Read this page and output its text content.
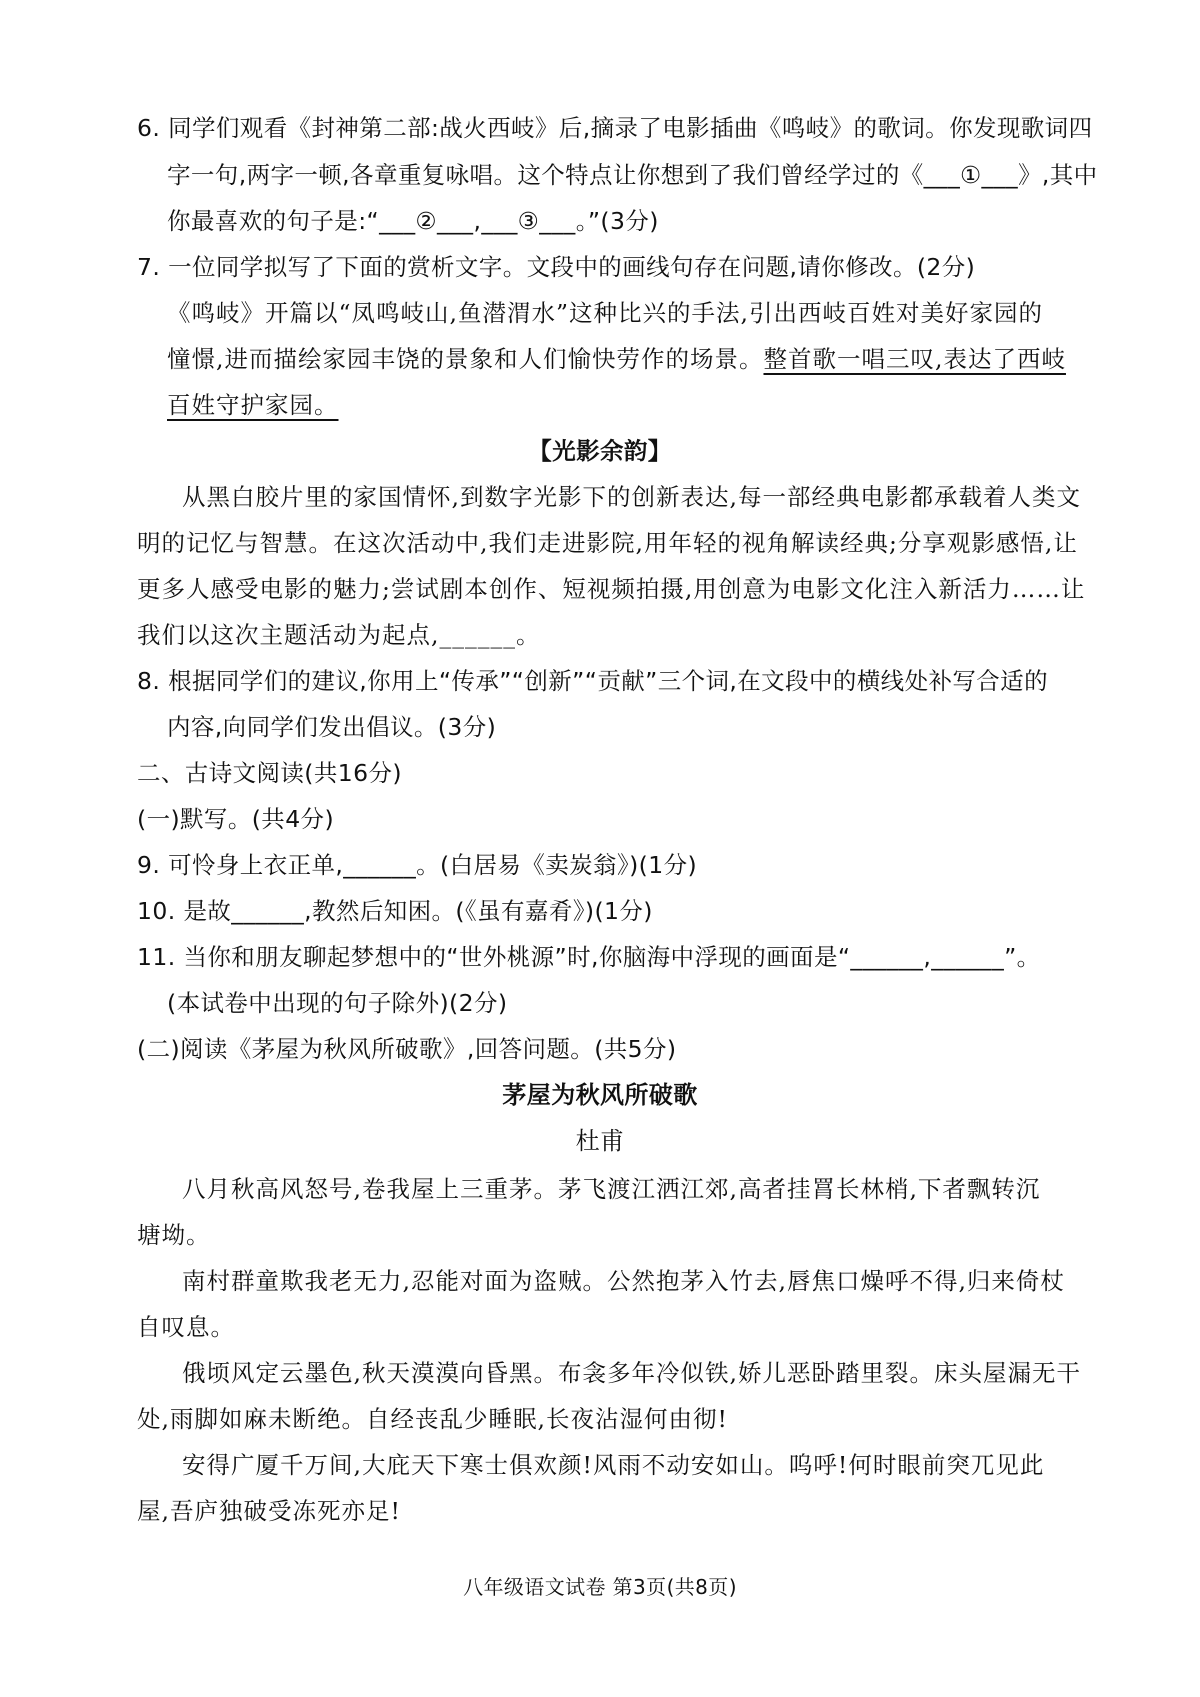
6. 同学们观看《封神第二部:战火西岐》后,摘录了电影插曲《鸣岐》的歌词。你发现歌词四

字一句,两字一顿,各章重复咏唱。这个特点让你想到了我们曾经学过的《___①___》,其中

你最喜欢的句子是:“___②___,___③___。”(3分)

7. 一位同学拟写了下面的赏析文字。文段中的画线句存在问题,请你修改。(2分)

《鸣岐》开篇以“凤鸣岐山,鱼潜渭水”这种比兴的手法,引出西岐百姓对美好家园的

憧憬,进而描绘家园丰饶的景象和人们愉快劳作的场景。整首歌一唱三叹,表达了西岐

百姓守护家园。

【光影余韵】

从黑白胶片里的家国情怀,到数字光影下的创新表达,每一部经典电影都承载着人类文

明的记忆与智慧。在这次活动中,我们走进影院,用年轻的视角解读经典;分享观影感悟,让

更多人感受电影的魅力;尝试剧本创作、短视频拍摄,用创意为电影文化注入新活力……让

我们以这次主题活动为起点,______。

8. 根据同学们的建议,你用上“传承”“创新”“贡献”三个词,在文段中的横线处补写合适的

内容,向同学们发出倡议。(3分)

二、古诗文阅读(共16分)

(一)默写。(共4分)

9. 可怜身上衣正单,______。(白居易《卖炭翁》)(1分)

10. 是故______,教然后知困。(《虽有嘉肴》)(1分)

11. 当你和朋友聊起梦想中的“世外桃源”时,你脑海中浮现的画面是“______,______”。

(本试卷中出现的句子除外)(2分)

(二)阅读《茅屋为秋风所破歌》,回答问题。(共5分)

茅屋为秋风所破歌

杜甫

八月秋高风怒号,卷我屋上三重茅。茅飞渡江洒江郊,高者挂罥长林梢,下者飘转沉

塘坳。

南村群童欺我老无力,忍能对面为盗贼。公然抱茅入竹去,唇焦口燥呼不得,归来倚杖

自叹息。

俄顷风定云墨色,秋天漠漠向昏黑。布衾多年冷似铁,娇儿恶卧踏里裂。床头屋漏无干

处,雨脚如麻未断绝。自经丧乱少睡眠,长夜沾湿何由彻!

安得广厦千万间,大庇天下寒士俱欢颜!风雨不动安如山。呜呼!何时眼前突兀见此

屋,吾庐独破受冻死亦足!

八年级语文试卷 第3页(共8页)
